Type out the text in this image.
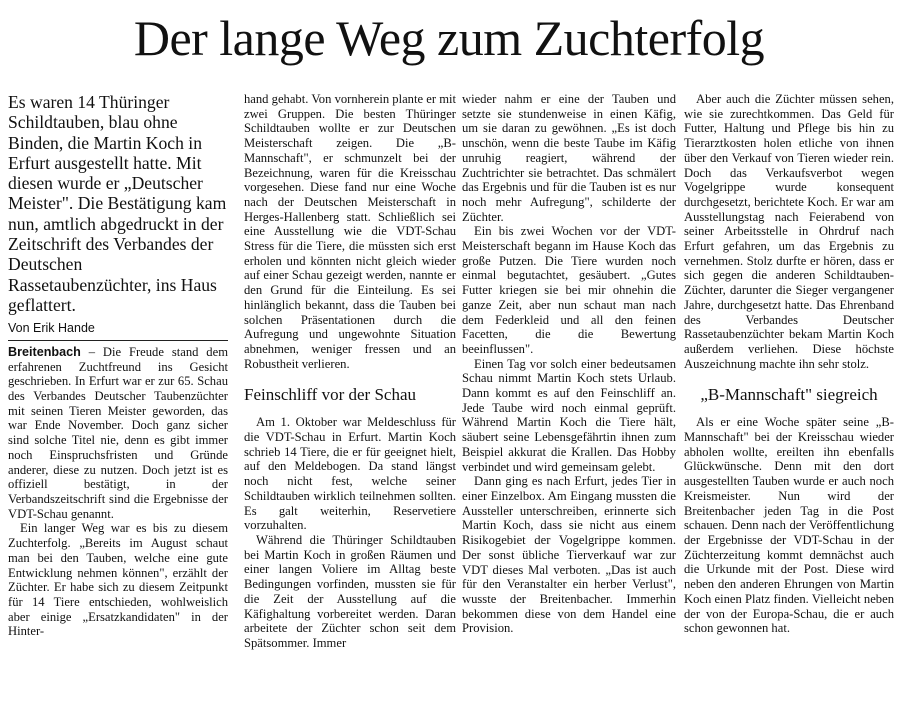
Der lange Weg zum Zuchterfolg

Es waren 14 Thüringer Schildtauben, blau ohne Binden, die Martin Koch in Erfurt ausgestellt hatte. Mit diesen wurde er „Deutscher Meister". Die Bestätigung kam nun, amtlich abgedruckt in der Zeitschrift des Verbandes der Deutschen Rassetaubenzüchter, ins Haus geflattert.

Von Erik Hande

Breitenbach – Die Freude stand dem erfahrenen Zuchtfreund ins Gesicht geschrieben. In Erfurt war er zur 65. Schau des Verbandes Deutscher Taubenzüchter mit seinen Tieren Meister geworden, das war Ende November. Doch ganz sicher sind solche Titel nie, denn es gibt immer noch Einspruchsfristen und Gründe anderer, diese zu nutzen. Doch jetzt ist es offiziell bestätigt, in der Verbandszeitschrift sind die Ergebnisse der VDT-Schau genannt.

Ein langer Weg war es bis zu diesem Zuchterfolg. „Bereits im August schaut man bei den Tauben, welche eine gute Entwicklung nehmen können", erzählt der Züchter. Er habe sich zu diesem Zeitpunkt für 14 Tiere entschieden, wohlweislich aber einige „Ersatzkandidaten" in der Hinter-

hand gehabt. Von vornherein plante er mit zwei Gruppen. Die besten Thüringer Schildtauben wollte er zur Deutschen Meisterschaft zeigen. Die „B-Mannschaft", er schmunzelt bei der Bezeichnung, waren für die Kreisschau vorgesehen. Diese fand nur eine Woche nach der Deutschen Meisterschaft in Herges-Hallenberg statt. Schließlich sei eine Ausstellung wie die VDT-Schau Stress für die Tiere, die müssten sich erst erholen und könnten nicht gleich wieder auf einer Schau gezeigt werden, nannte er den Grund für die Einteilung. Es sei hinlänglich bekannt, dass die Tauben bei solchen Präsentationen durch die Aufregung und ungewohnte Situation abnehmen, weniger fressen und an Robustheit verlieren.

Feinschliff vor der Schau

Am 1. Oktober war Meldeschluss für die VDT-Schau in Erfurt. Martin Koch schrieb 14 Tiere, die er für geeignet hielt, auf den Meldebogen. Da stand längst noch nicht fest, welche seiner Schildtauben wirklich teilnehmen sollten. Es galt weiterhin, Reservetiere vorzuhalten.

Während die Thüringer Schildtauben bei Martin Koch in großen Räumen und einer langen Voliere im Alltag beste Bedingungen vorfinden, mussten sie für die Zeit der Ausstellung auf die Käfighaltung vorbereitet werden. Daran arbeitete der Züchter schon seit dem Spätsommer. Immer

wieder nahm er eine der Tauben und setzte sie stundenweise in einen Käfig, um sie daran zu gewöhnen. „Es ist doch unschön, wenn die beste Taube im Käfig unruhig reagiert, während der Zuchtrichter sie betrachtet. Das schmälert das Ergebnis und für die Tauben ist es nur noch mehr Aufregung", schilderte der Züchter.

Ein bis zwei Wochen vor der VDT-Meisterschaft begann im Hause Koch das große Putzen. Die Tiere wurden noch einmal begutachtet, gesäubert. „Gutes Futter kriegen sie bei mir ohnehin die ganze Zeit, aber nun schaut man nach dem Federkleid und all den feinen Facetten, die die Bewertung beeinflussen".

Einen Tag vor solch einer bedeutsamen Schau nimmt Martin Koch stets Urlaub. Dann kommt es auf den Feinschliff an. Jede Taube wird noch einmal geprüft. Während Martin Koch die Tiere hält, säubert seine Lebensgefährtin ihnen zum Beispiel akkurat die Krallen. Das Hobby verbindet und wird gemeinsam gelebt.

Dann ging es nach Erfurt, jedes Tier in einer Einzelbox. Am Eingang mussten die Aussteller unterschreiben, erinnerte sich Martin Koch, dass sie nicht aus einem Risikogebiet der Vogelgrippe kommen. Der sonst übliche Tierverkauf war zur VDT dieses Mal verboten. „Das ist auch für den Veranstalter ein herber Verlust", wusste der Breitenbacher. Immerhin bekommen diese von dem Handel eine Provision.

Aber auch die Züchter müssen sehen, wie sie zurechtkommen. Das Geld für Futter, Haltung und Pflege bis hin zu Tierarztkosten holen etliche von ihnen über den Verkauf von Tieren wieder rein. Doch das Verkaufsverbot wegen Vogelgrippe wurde konsequent durchgesetzt, berichtete Koch. Er war am Ausstellungstag nach Feierabend von seiner Arbeitsstelle in Ohrdruf nach Erfurt gefahren, um das Ergebnis zu vernehmen. Stolz durfte er hören, dass er sich gegen die anderen Schildtauben-Züchter, darunter die Sieger vergangener Jahre, durchgesetzt hatte. Das Ehrenband des Verbandes Deutscher Rassetaubenzüchter bekam Martin Koch außerdem verliehen. Diese höchste Auszeichnung machte ihn sehr stolz.

„B-Mannschaft" siegreich

Als er eine Woche später seine „B-Mannschaft" bei der Kreisschau wieder abholen wollte, ereilten ihn ebenfalls Glückwünsche. Denn mit den dort ausgestellten Tauben wurde er auch noch Kreismeister. Nun wird der Breitenbacher jeden Tag in die Post schauen. Denn nach der Veröffentlichung der Ergebnisse der VDT-Schau in der Züchterzeitung kommt demnächst auch die Urkunde mit der Post. Diese wird neben den anderen Ehrungen von Martin Koch einen Platz finden. Vielleicht neben der von der Europa-Schau, die er auch schon gewonnen hat.
